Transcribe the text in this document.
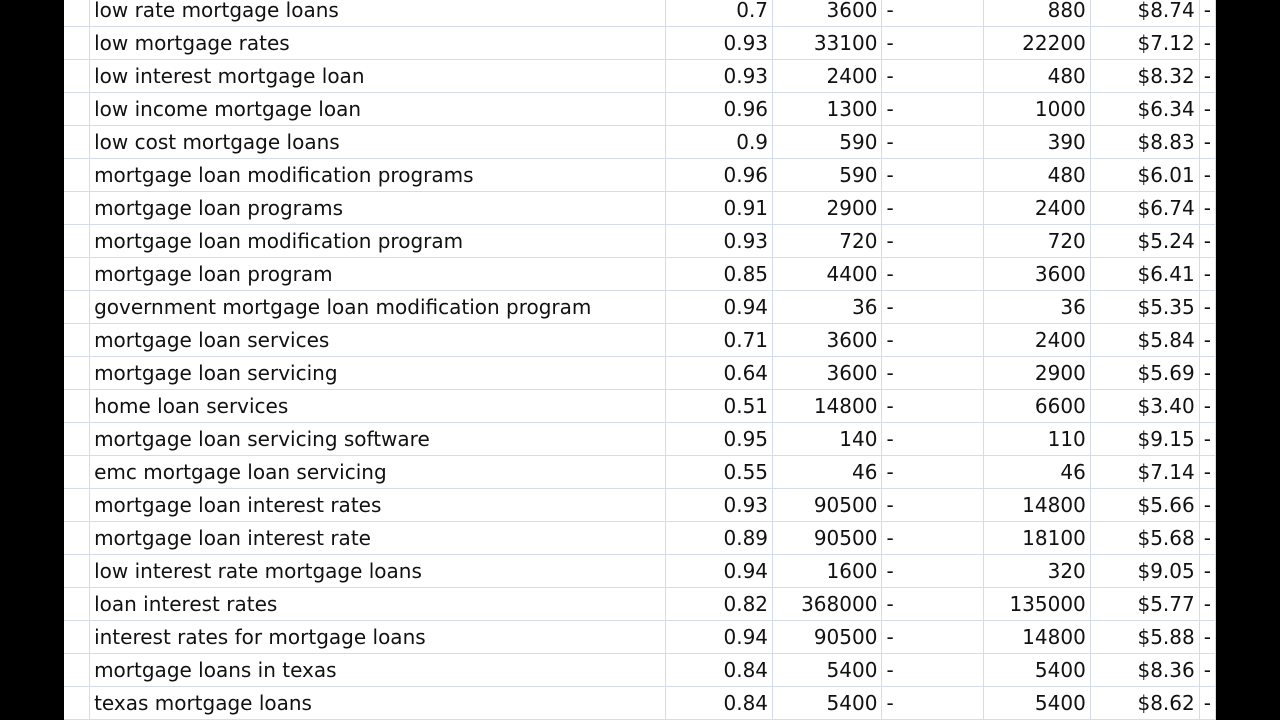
	low rate mortgage loans	0.7	3600	-	880	$8.74	-
	low mortgage rates	0.93	33100	-	22200	$7.12	-
	low interest mortgage loan	0.93	2400	-	480	$8.32	-
	low income mortgage loan	0.96	1300	-	1000	$6.34	-
	low cost mortgage loans	0.9	590	-	390	$8.83	-
	mortgage loan modification programs	0.96	590	-	480	$6.01	-
	mortgage loan programs	0.91	2900	-	2400	$6.74	-
	mortgage loan modification program	0.93	720	-	720	$5.24	-
	mortgage loan program	0.85	4400	-	3600	$6.41	-
	government mortgage loan modification program	0.94	36	-	36	$5.35	-
	mortgage loan services	0.71	3600	-	2400	$5.84	-
	mortgage loan servicing	0.64	3600	-	2900	$5.69	-
	home loan services	0.51	14800	-	6600	$3.40	-
	mortgage loan servicing software	0.95	140	-	110	$9.15	-
	emc mortgage loan servicing	0.55	46	-	46	$7.14	-
	mortgage loan interest rates	0.93	90500	-	14800	$5.66	-
	mortgage loan interest rate	0.89	90500	-	18100	$5.68	-
	low interest rate mortgage loans	0.94	1600	-	320	$9.05	-
	loan interest rates	0.82	368000	-	135000	$5.77	-
	interest rates for mortgage loans	0.94	90500	-	14800	$5.88	-
	mortgage loans in texas	0.84	5400	-	5400	$8.36	-
	texas mortgage loans	0.84	5400	-	5400	$8.62	-
